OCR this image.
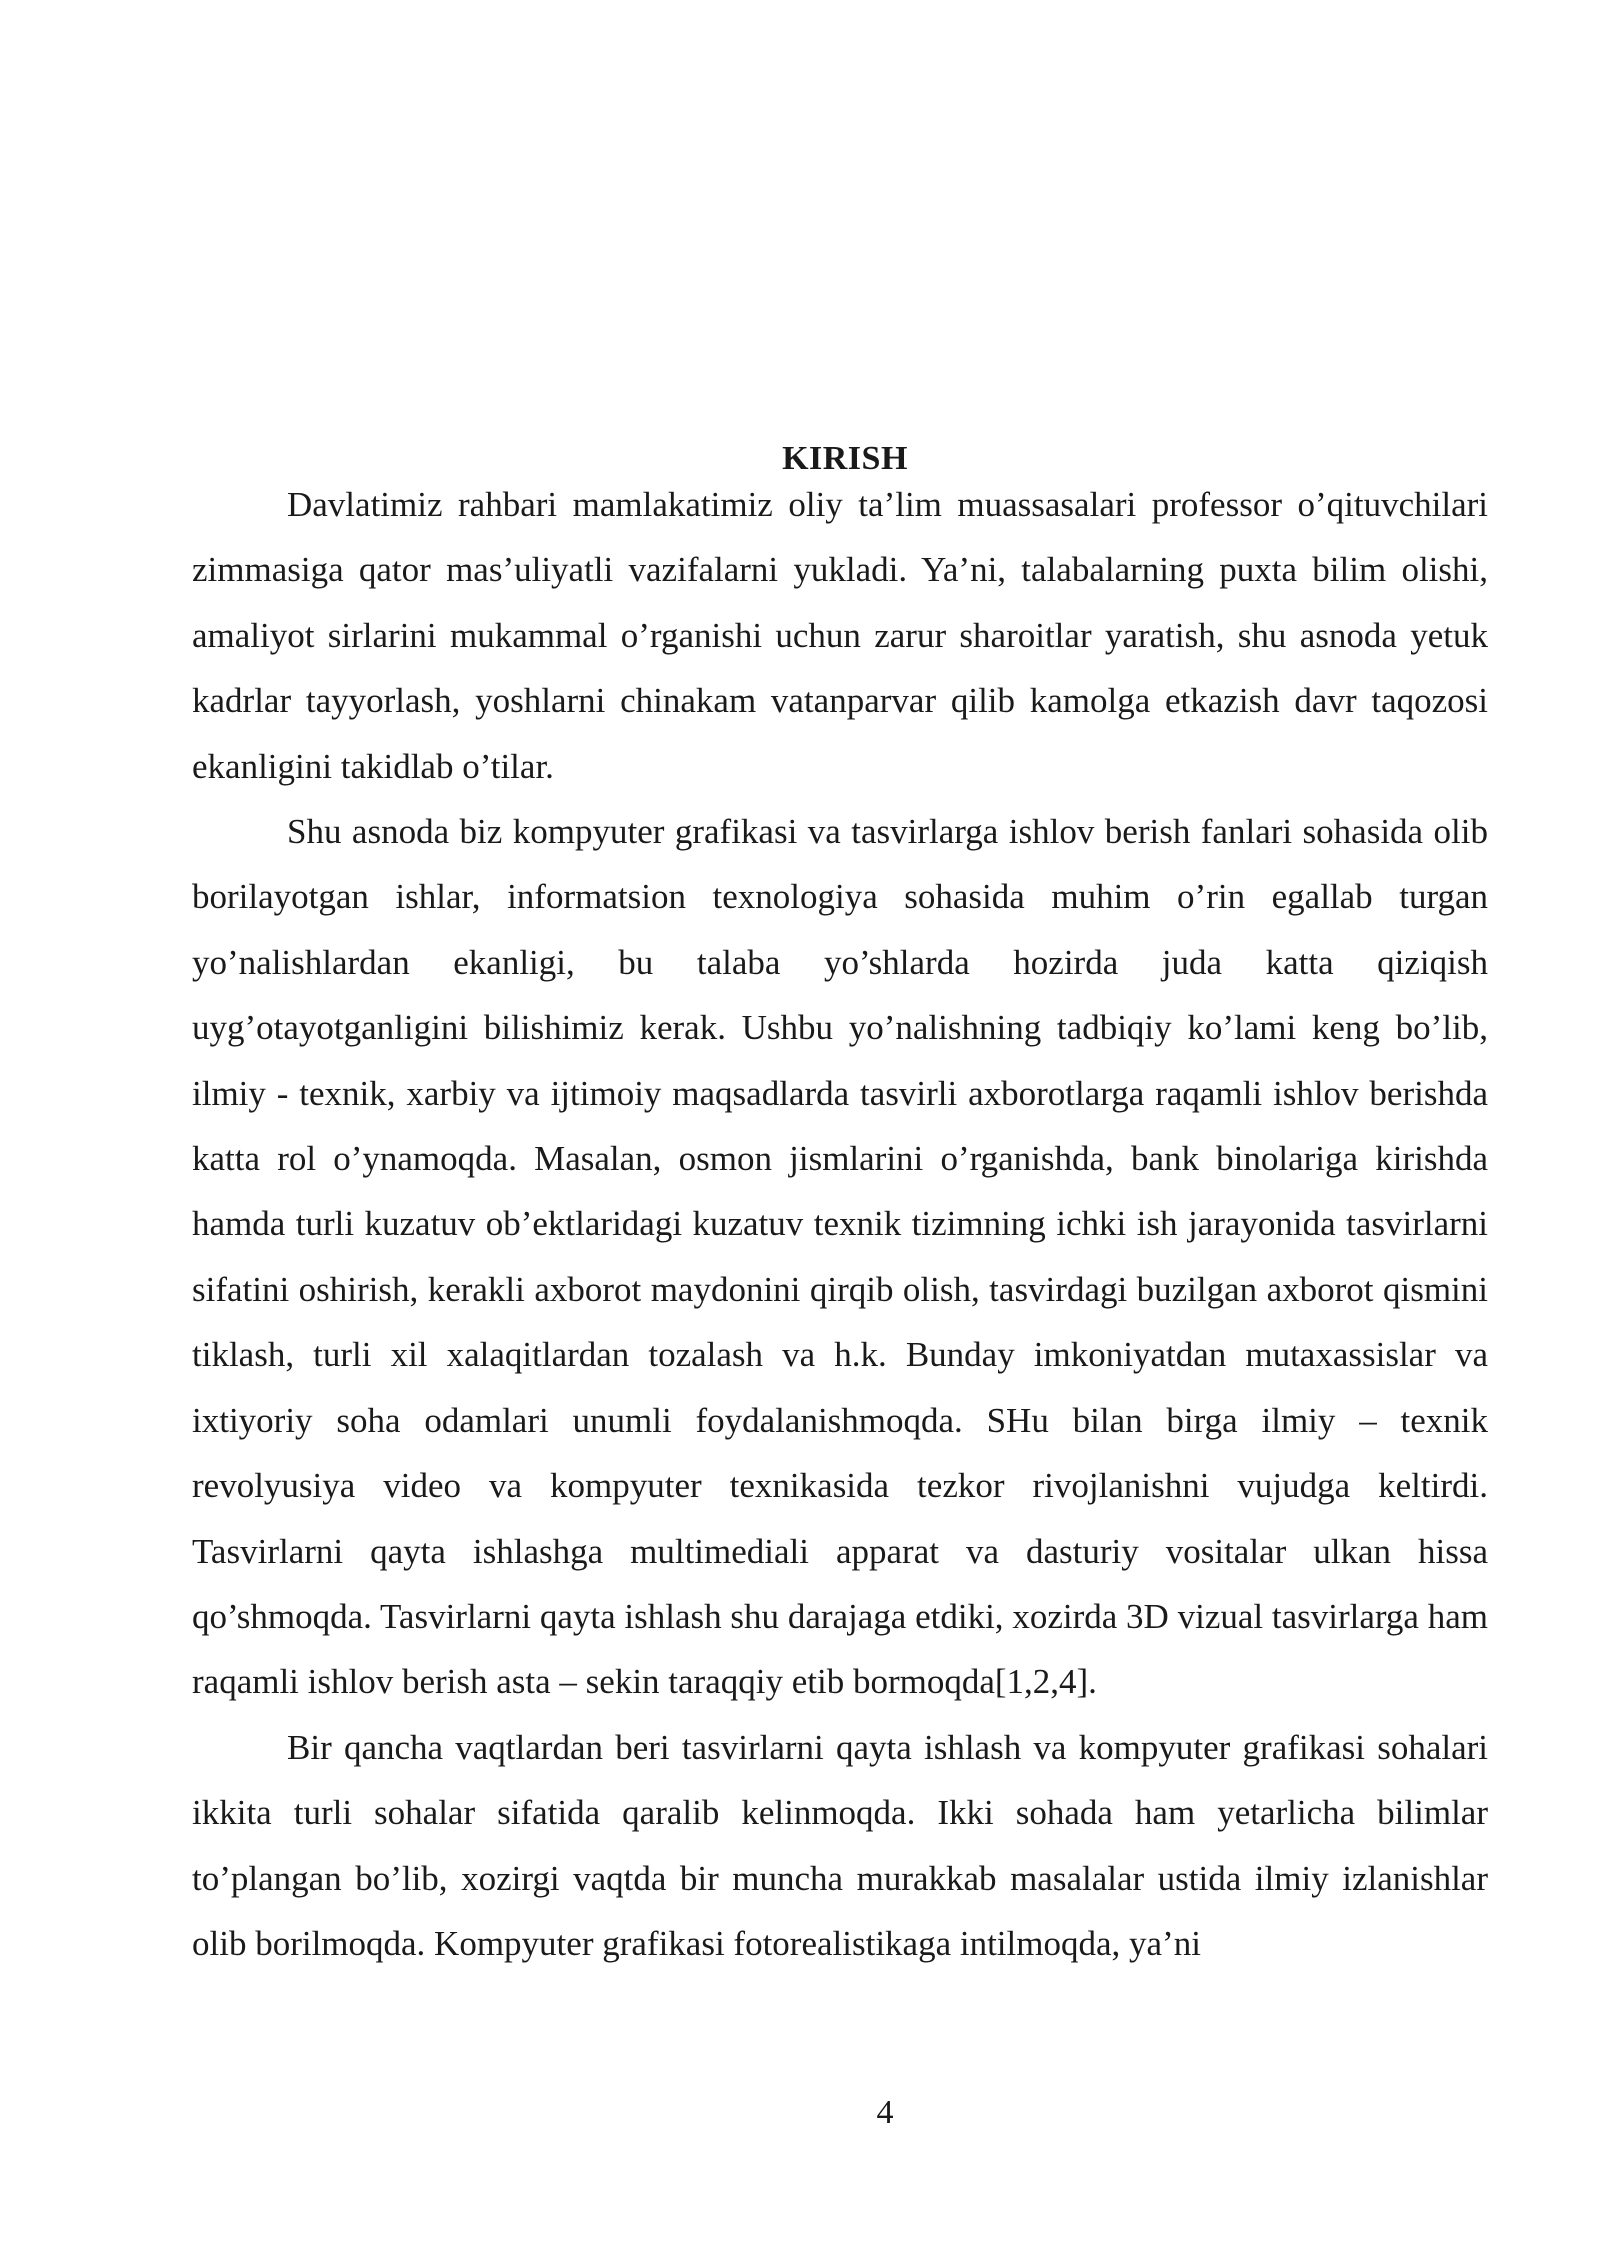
KIRISH

Davlatimiz rahbari mamlakatimiz oliy ta’lim muassasalari professor o’qituvchilari zimmasiga qator mas’uliyatli vazifalarni yukladi. Ya’ni, talabalarning puxta bilim olishi, amaliyot sirlarini mukammal o’rganishi uchun zarur sharoitlar yaratish, shu asnoda yetuk kadrlar tayyorlash, yoshlarni chinakam vatanparvar qilib kamolga etkazish davr taqozosi ekanligini takidlab o’tilar.

Shu asnoda biz kompyuter grafikasi va tasvirlarga ishlov berish fanlari sohasida olib borilayotgan ishlar, informatsion texnologiya sohasida muhim o’rin egallab turgan yo’nalishlardan ekanligi, bu talaba yo’shlarda hozirda juda katta qiziqish uyg’otayotganligini bilishimiz kerak. Ushbu yo’nalishning tadbiqiy ko’lami keng bo’lib, ilmiy - texnik, xarbiy va ijtimoiy maqsadlarda tasvirli axborotlarga raqamli ishlov berishda katta rol o’ynamoqda. Masalan, osmon jismlarini o’rganishda, bank binolariga kirishda hamda turli kuzatuv ob’ektlaridagi kuzatuv texnik tizimning ichki ish jarayonida tasvirlarni sifatini oshirish, kerakli axborot maydonini qirqib olish, tasvirdagi buzilgan axborot qismini tiklash, turli xil xalaqitlardan tozalash va h.k. Bunday imkoniyatdan mutaxassislar va ixtiyoriy soha odamlari unumli foydalanishmoqda. SHu bilan birga ilmiy – texnik revolyusiya video va kompyuter texnikasida tezkor rivojlanishni vujudga keltirdi. Tasvirlarni qayta ishlashga multimediali apparat va dasturiy vositalar ulkan hissa qo’shmoqda. Tasvirlarni qayta ishlash shu darajaga etdiki, xozirda 3D vizual tasvirlarga ham raqamli ishlov berish asta – sekin taraqqiy etib bormoqda[1,2,4].

Bir qancha vaqtlardan beri tasvirlarni qayta ishlash va kompyuter grafikasi sohalari ikkita turli sohalar sifatida qaralib kelinmoqda. Ikki sohada ham yetarlicha bilimlar to’plangan bo’lib, xozirgi vaqtda bir muncha murakkab masalalar ustida ilmiy izlanishlar olib borilmoqda. Kompyuter grafikasi fotorealistikaga intilmoqda, ya’ni

4
